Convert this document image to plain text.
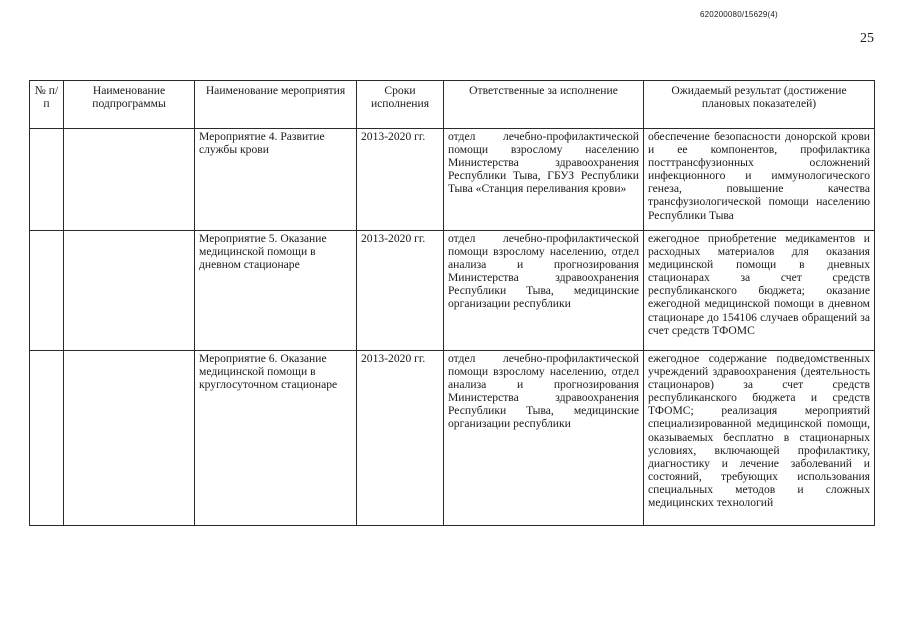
620200080/15629(4)
25
№ п/п	Наименование подпрограммы	Наименование мероприятия	Сроки исполнения	Ответственные за исполнение	Ожидаемый результат (достижение плановых показателей)
		Мероприятие 4. Развитие службы крови	2013-2020 гг.	отдел лечебно-профилактической помощи взрослому населению Министерства здравоохранения Республики Тыва, ГБУЗ Республики Тыва «Станция переливания крови»	обеспечение безопасности донорской крови и ее компонентов, профилактика посттрансфузионных осложнений инфекционного и иммунологического генеза, повышение качества трансфузиологической помощи населению Республики Тыва
		Мероприятие 5. Оказание медицинской помощи в дневном стационаре	2013-2020 гг.	отдел лечебно-профилактической помощи взрослому населению, отдел анализа и прогнозирования Министерства здравоохранения Республики Тыва, медицинские организации республики	ежегодное приобретение медикаментов и расходных материалов для оказания медицинской помощи в дневных стационарах за счет средств республиканского бюджета; оказание ежегодной медицинской помощи в дневном стационаре до 154106 случаев обращений за счет средств ТФОМС
		Мероприятие 6. Оказание медицинской помощи в круглосуточном стационаре	2013-2020 гг.	отдел лечебно-профилактической помощи взрослому населению, отдел анализа и прогнозирования Министерства здравоохранения Республики Тыва, медицинские организации республики	ежегодное содержание подведомственных учреждений здравоохранения (деятельность стационаров) за счет средств республиканского бюджета и средств ТФОМС; реализация мероприятий специализированной медицинской помощи, оказываемых бесплатно в стационарных условиях, включающей профилактику, диагностику и лечение заболеваний и состояний, требующих использования специальных методов и сложных медицинских технологий
